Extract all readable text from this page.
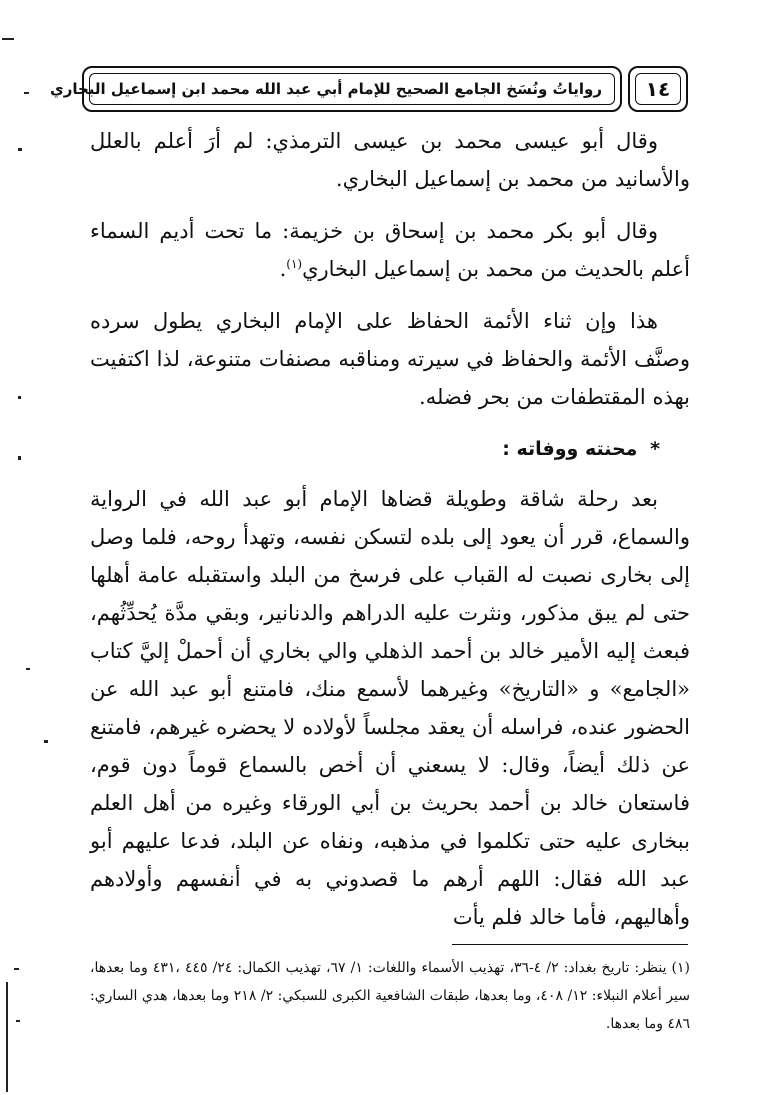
رواياتُ ونُسَخ الجامع الصحيح للإمام أبي عبد الله محمد ابن إسماعيل البخاري ١٤

وقال أبو عيسى محمد بن عيسى الترمذي: لم أرَ أعلم بالعلل والأسانيد من محمد بن إسماعيل البخاري.

وقال أبو بكر محمد بن إسحاق بن خزيمة: ما تحت أديم السماء أعلم بالحديث من محمد بن إسماعيل البخاري$^{(١)}$.

هذا وإن ثناء الأئمة الحفاظ على الإمام البخاري يطول سرده وصنَّف الأئمة والحفاظ في سيرته ومناقبه مصنفات متنوعة، لذا اكتفيت بهذه المقتطفات من بحر فضله.

* محنته ووفاته :

بعد رحلة شاقة وطويلة قضاها الإمام أبو عبد الله في الرواية والسماع، قرر أن يعود إلى بلده لتسكن نفسه، وتهدأ روحه، فلما وصل إلى بخارى نصبت له القباب على فرسخ من البلد واستقبله عامة أهلها حتى لم يبق مذكور، ونثرت عليه الدراهم والدنانير، وبقي مدَّة يُحدِّثُهم، فبعث إليه الأمير خالد بن أحمد الذهلي والي بخاري أن أحملْ إليَّ كتاب «الجامع» و «التاريخ» وغيرهما لأسمع منك، فامتنع أبو عبد الله عن الحضور عنده، فراسله أن يعقد مجلساً لأولاده لا يحضره غيرهم، فامتنع عن ذلك أيضاً، وقال: لا يسعني أن أخص بالسماع قوماً دون قوم، فاستعان خالد بن أحمد بحريث بن أبي الورقاء وغيره من أهل العلم ببخارى عليه حتى تكلموا في مذهبه، ونفاه عن البلد، فدعا عليهم أبو عبد الله فقال: اللهم أرهم ما قصدوني به في أنفسهم وأولادهم وأهاليهم، فأما خالد فلم يأت

(١) ينظر: تاريخ بغداد: ٢/ ٤-٣٦، تهذيب الأسماء واللغات: ١/ ٦٧، تهذيب الكمال: ٢٤/ ٤٤٥ ،٤٣١ وما بعدها، سير أعلام النبلاء: ١٢/ ٤٠٨، وما بعدها، طبقات الشافعية الكبرى للسبكي: ٢/ ٢١٨ وما بعدها، هدي الساري: ٤٨٦ وما بعدها.
